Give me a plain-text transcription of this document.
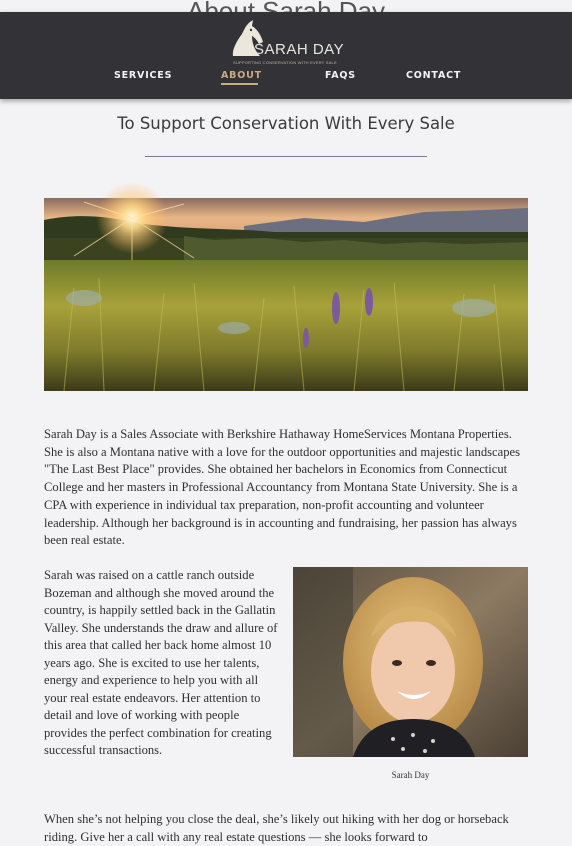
SARAH DAY
SUPPORTING CONSERVATION WITH EVERY SALE
SERVICES	ABOUT	FAQS	CONTACT
To Support Conservation With Every Sale

Sarah Day is a Sales Associate with Berkshire Hathaway HomeServices Montana Properties. She is also a Montana native with a love for the outdoor opportunities and majestic landscapes "The Last Best Place" provides. She obtained her bachelors in Economics from Connecticut College and her masters in Professional Accountancy from Montana State University. She is a CPA with experience in individual tax preparation, non-profit accounting and volunteer leadership. Although her background is in accounting and fundraising, her passion has always been real estate.

Sarah was raised on a cattle ranch outside Bozeman and although she moved around the country, is happily settled back in the Gallatin Valley. She understands the draw and allure of this area that called her back home almost 10 years ago. She is excited to use her talents, energy and experience to help you with all your real estate endeavors. Her attention to detail and love of working with people provides the perfect combination for creating successful transactions.

Sarah Day

When she’s not helping you close the deal, she’s likely out hiking with her dog or horseback riding. Give her a call with any real estate questions — she looks forward to
